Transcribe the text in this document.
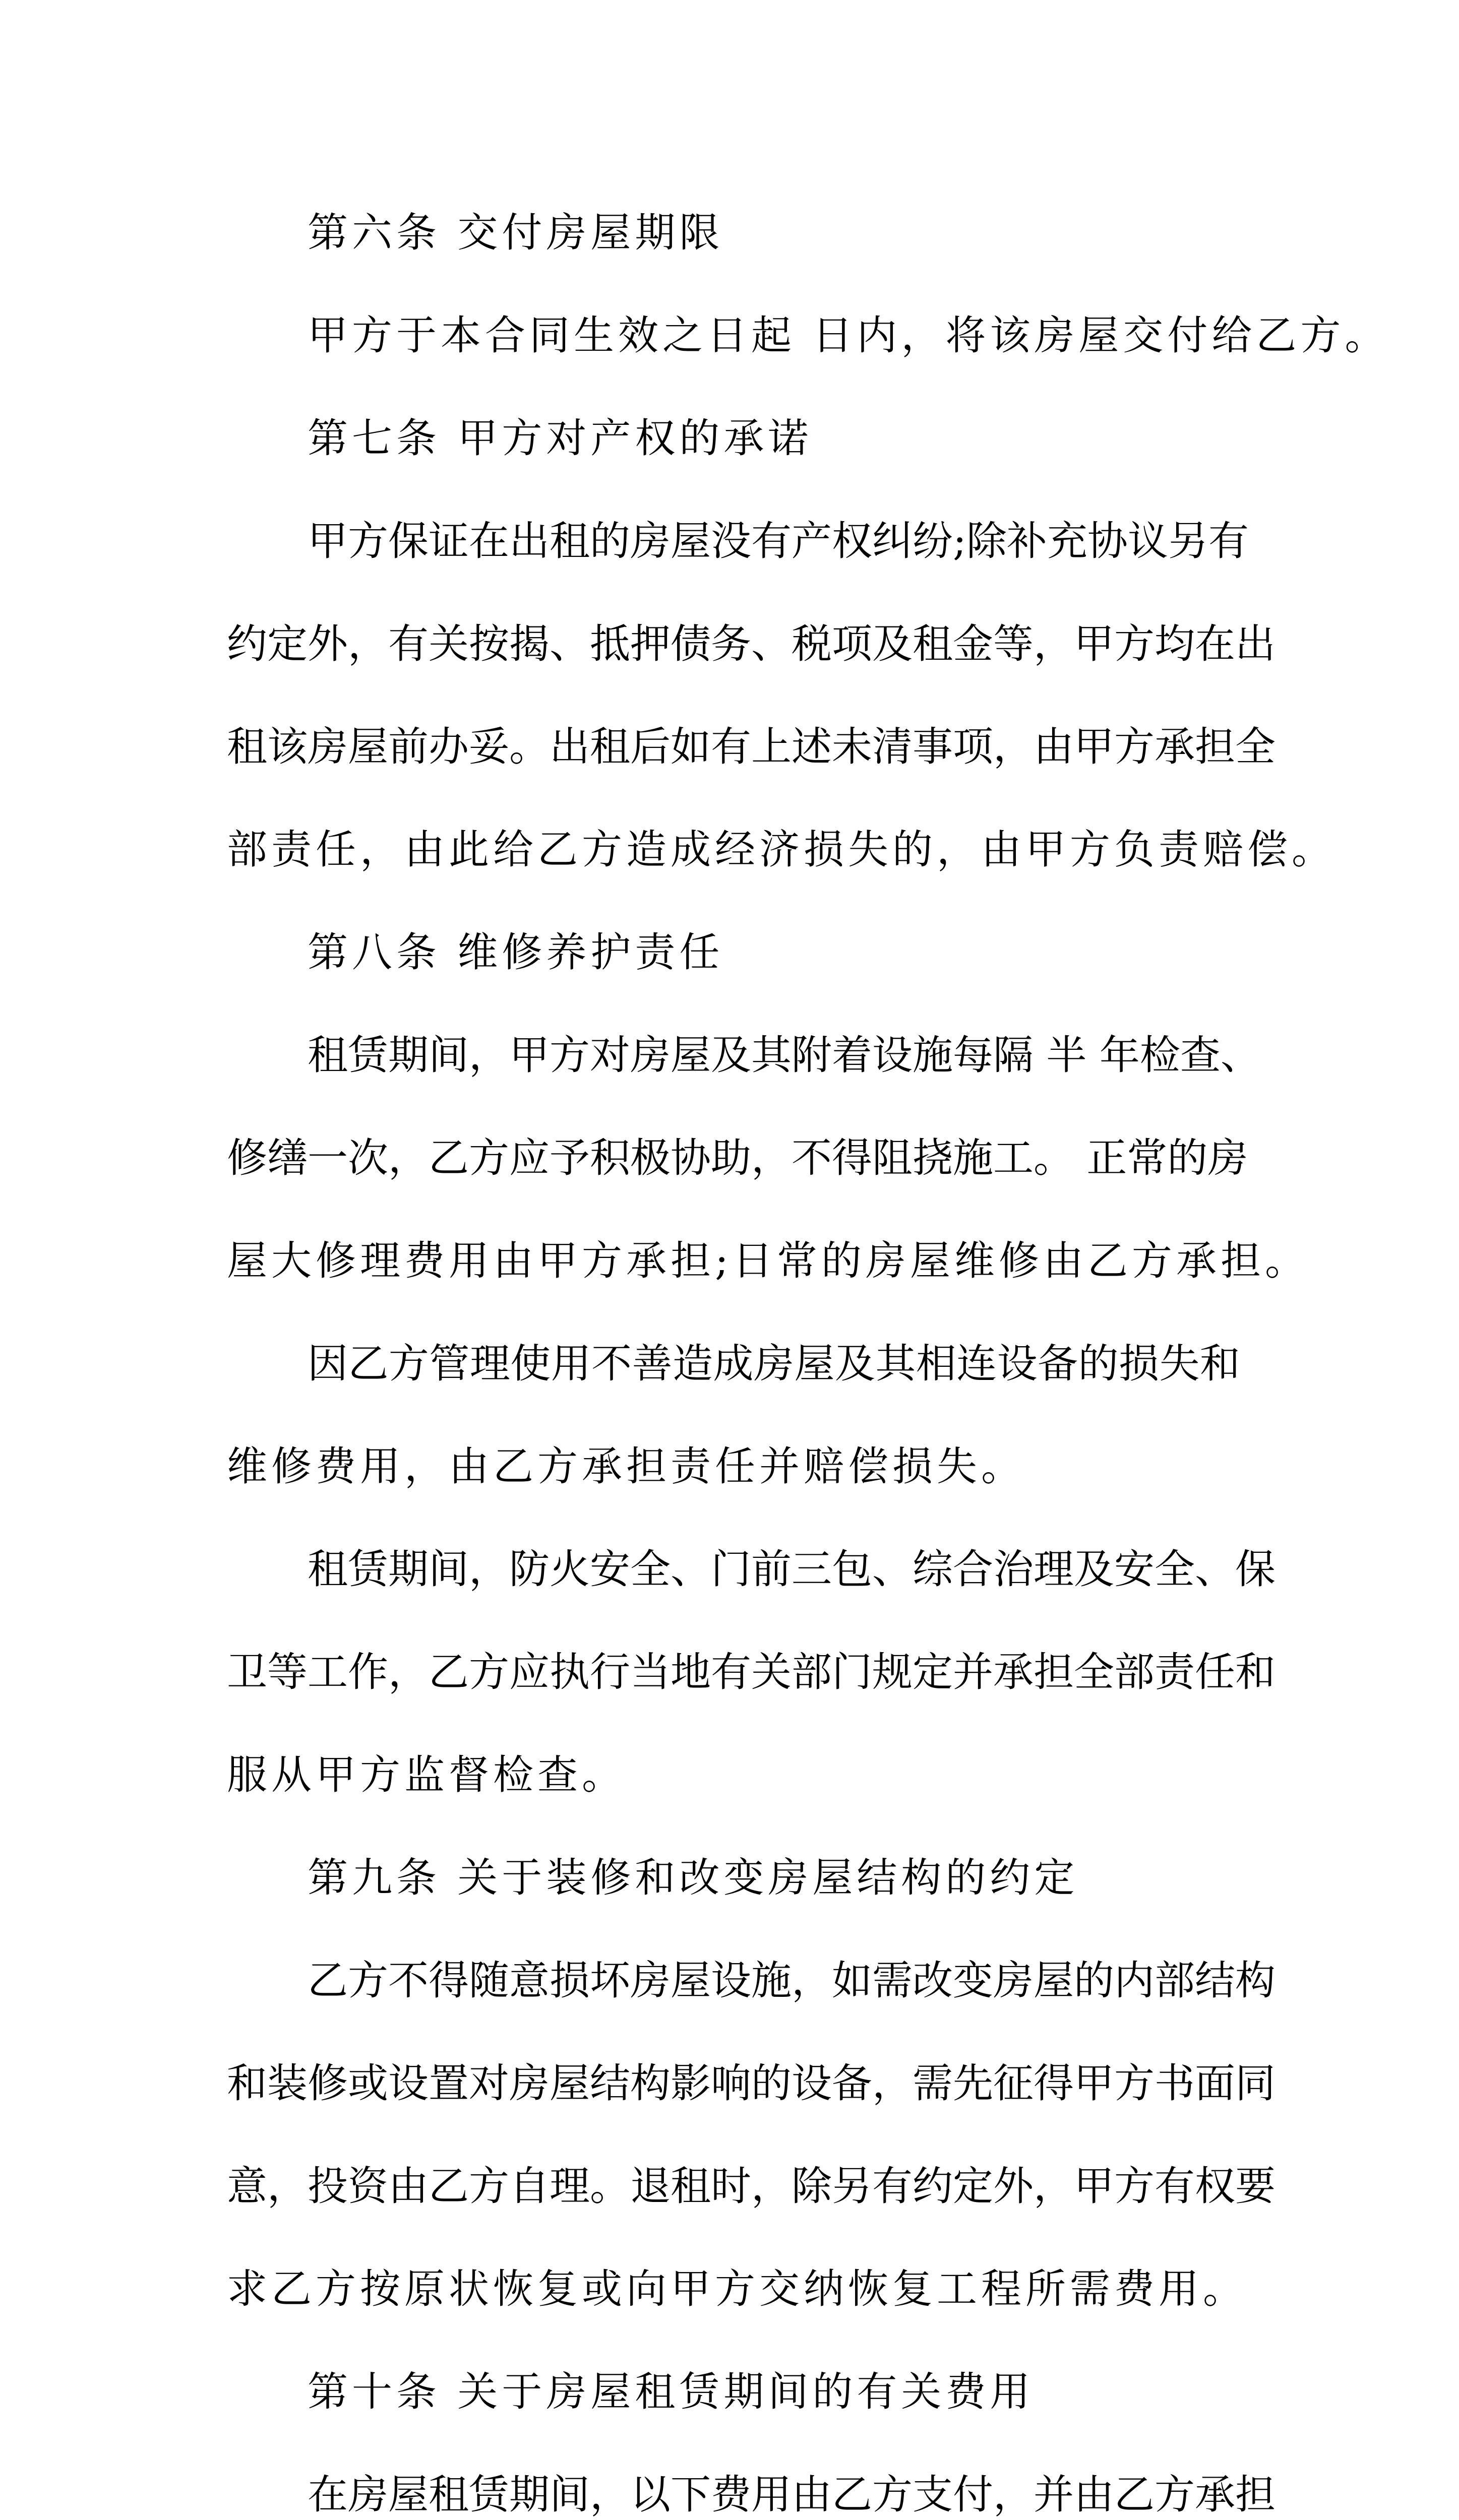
第六条 交付房屋期限
甲方于本合同生效之日起 日内，将该房屋交付给乙方。
第七条 甲方对产权的承诺
甲方保证在出租的房屋没有产权纠纷;除补充协议另有
约定外，有关按揭、抵押债务、税项及租金等，甲方均在出
租该房屋前办妥。出租后如有上述未清事项，由甲方承担全
部责任，由此给乙方造成经济损失的，由甲方负责赔偿。
第八条 维修养护责任
租赁期间，甲方对房屋及其附着设施每隔 半 年检查、
修缮一次，乙方应予积极协助，不得阻挠施工。 正常的房
屋大修理费用由甲方承担;日常的房屋维修由乙方承担。
因乙方管理使用不善造成房屋及其相连设备的损失和
维修费用，由乙方承担责任并赔偿损失。
租赁期间，防火安全、门前三包、综合治理及安全、保
卫等工作，乙方应执行当地有关部门规定并承担全部责任和
服从甲方监督检查。
第九条 关于装修和改变房屋结构的约定
乙方不得随意损坏房屋设施，如需改变房屋的内部结构
和装修或设置对房屋结构影响的设备，需先征得甲方书面同
意，投资由乙方自理。退租时，除另有约定外，甲方有权要
求乙方按原状恢复或向甲方交纳恢复工程所需费用。
第十条 关于房屋租赁期间的有关费用
在房屋租赁期间，以下费用由乙方支付，并由乙方承担
